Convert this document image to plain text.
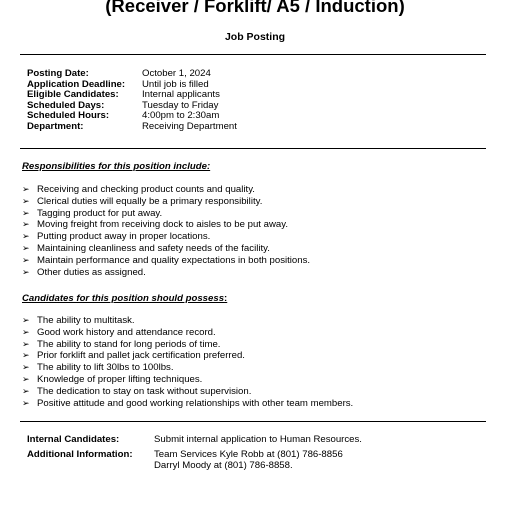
(Receiver / Forklift/ A5 / Induction)
Job Posting
Posting Date:	October 1, 2024
Application Deadline:	Until job is filled
Eligible Candidates:	Internal applicants
Scheduled Days:	Tuesday to Friday
Scheduled Hours:	4:00pm to 2:30am
Department:	Receiving Department
Responsibilities for this position include:
➢ Receiving and checking product counts and quality.
➢ Clerical duties will equally be a primary responsibility.
➢ Tagging product for put away.
➢ Moving freight from receiving dock to aisles to be put away.
➢ Putting product away in proper locations.
➢ Maintaining cleanliness and safety needs of the facility.
➢ Maintain performance and quality expectations in both positions.
➢ Other duties as assigned.
Candidates for this position should possess:
➢ The ability to multitask.
➢ Good work history and attendance record.
➢ The ability to stand for long periods of time.
➢ Prior forklift and pallet jack certification preferred.
➢ The ability to lift 30lbs to 100lbs.
➢ Knowledge of proper lifting techniques.
➢ The dedication to stay on task without supervision.
➢ Positive attitude and good working relationships with other team members.
Internal Candidates:	Submit internal application to Human Resources.
Additional Information:	Team Services Kyle Robb at (801) 786-8856
Darryl Moody at (801) 786-8858.
